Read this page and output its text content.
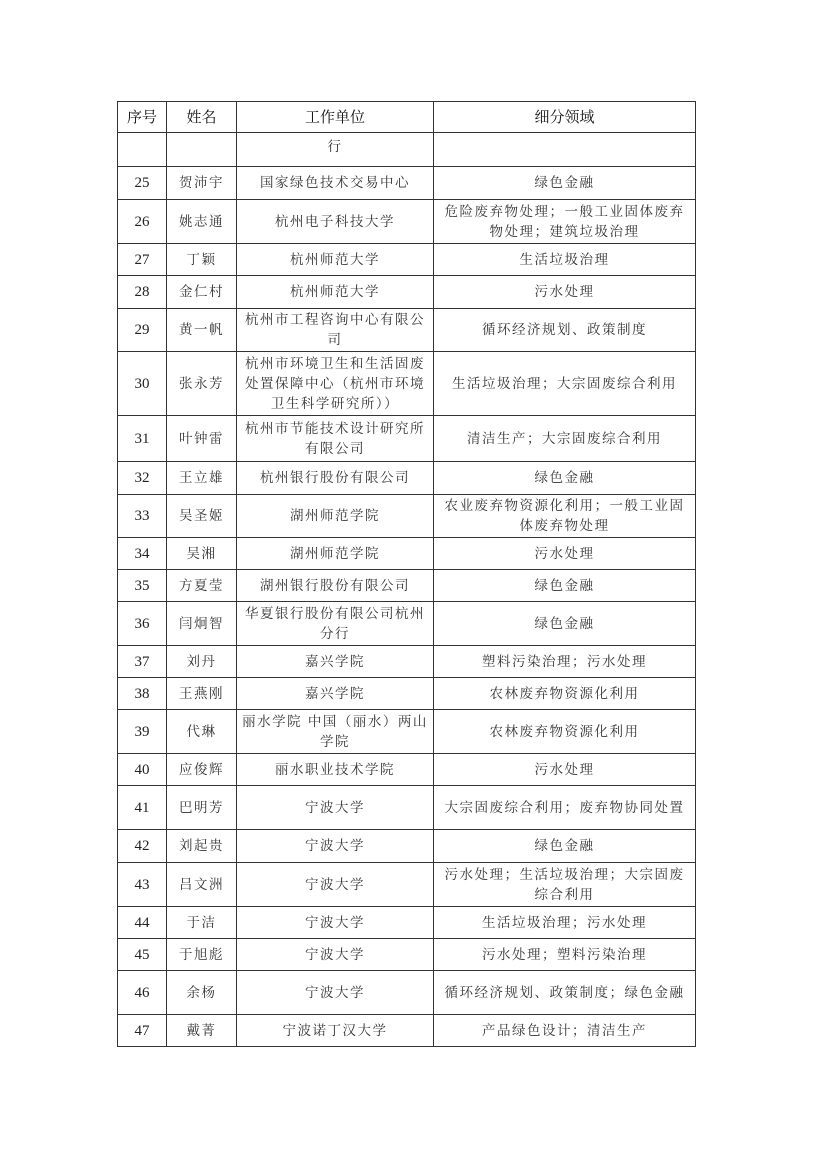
序号	姓名	工作单位	细分领域
		行	
25	贺沛宇	国家绿色技术交易中心	绿色金融
26	姚志通	杭州电子科技大学	危险废弃物处理；一般工业固体废弃物处理；建筑垃圾治理
27	丁颖	杭州师范大学	生活垃圾治理
28	金仁村	杭州师范大学	污水处理
29	黄一帆	杭州市工程咨询中心有限公司	循环经济规划、政策制度
30	张永芳	杭州市环境卫生和生活固废处置保障中心（杭州市环境卫生科学研究所））	生活垃圾治理；大宗固废综合利用
31	叶钟雷	杭州市节能技术设计研究所有限公司	清洁生产；大宗固废综合利用
32	王立雄	杭州银行股份有限公司	绿色金融
33	吴圣姬	湖州师范学院	农业废弃物资源化利用；一般工业固体废弃物处理
34	吴湘	湖州师范学院	污水处理
35	方夏莹	湖州银行股份有限公司	绿色金融
36	闫炯智	华夏银行股份有限公司杭州分行	绿色金融
37	刘丹	嘉兴学院	塑料污染治理；污水处理
38	王燕刚	嘉兴学院	农林废弃物资源化利用
39	代琳	丽水学院 中国（丽水）两山学院	农林废弃物资源化利用
40	应俊辉	丽水职业技术学院	污水处理
41	巴明芳	宁波大学	大宗固废综合利用；废弃物协同处置
42	刘起贵	宁波大学	绿色金融
43	吕文洲	宁波大学	污水处理；生活垃圾治理；大宗固废综合利用
44	于洁	宁波大学	生活垃圾治理；污水处理
45	于旭彪	宁波大学	污水处理；塑料污染治理
46	余杨	宁波大学	循环经济规划、政策制度；绿色金融
47	戴菁	宁波诺丁汉大学	产品绿色设计；清洁生产
